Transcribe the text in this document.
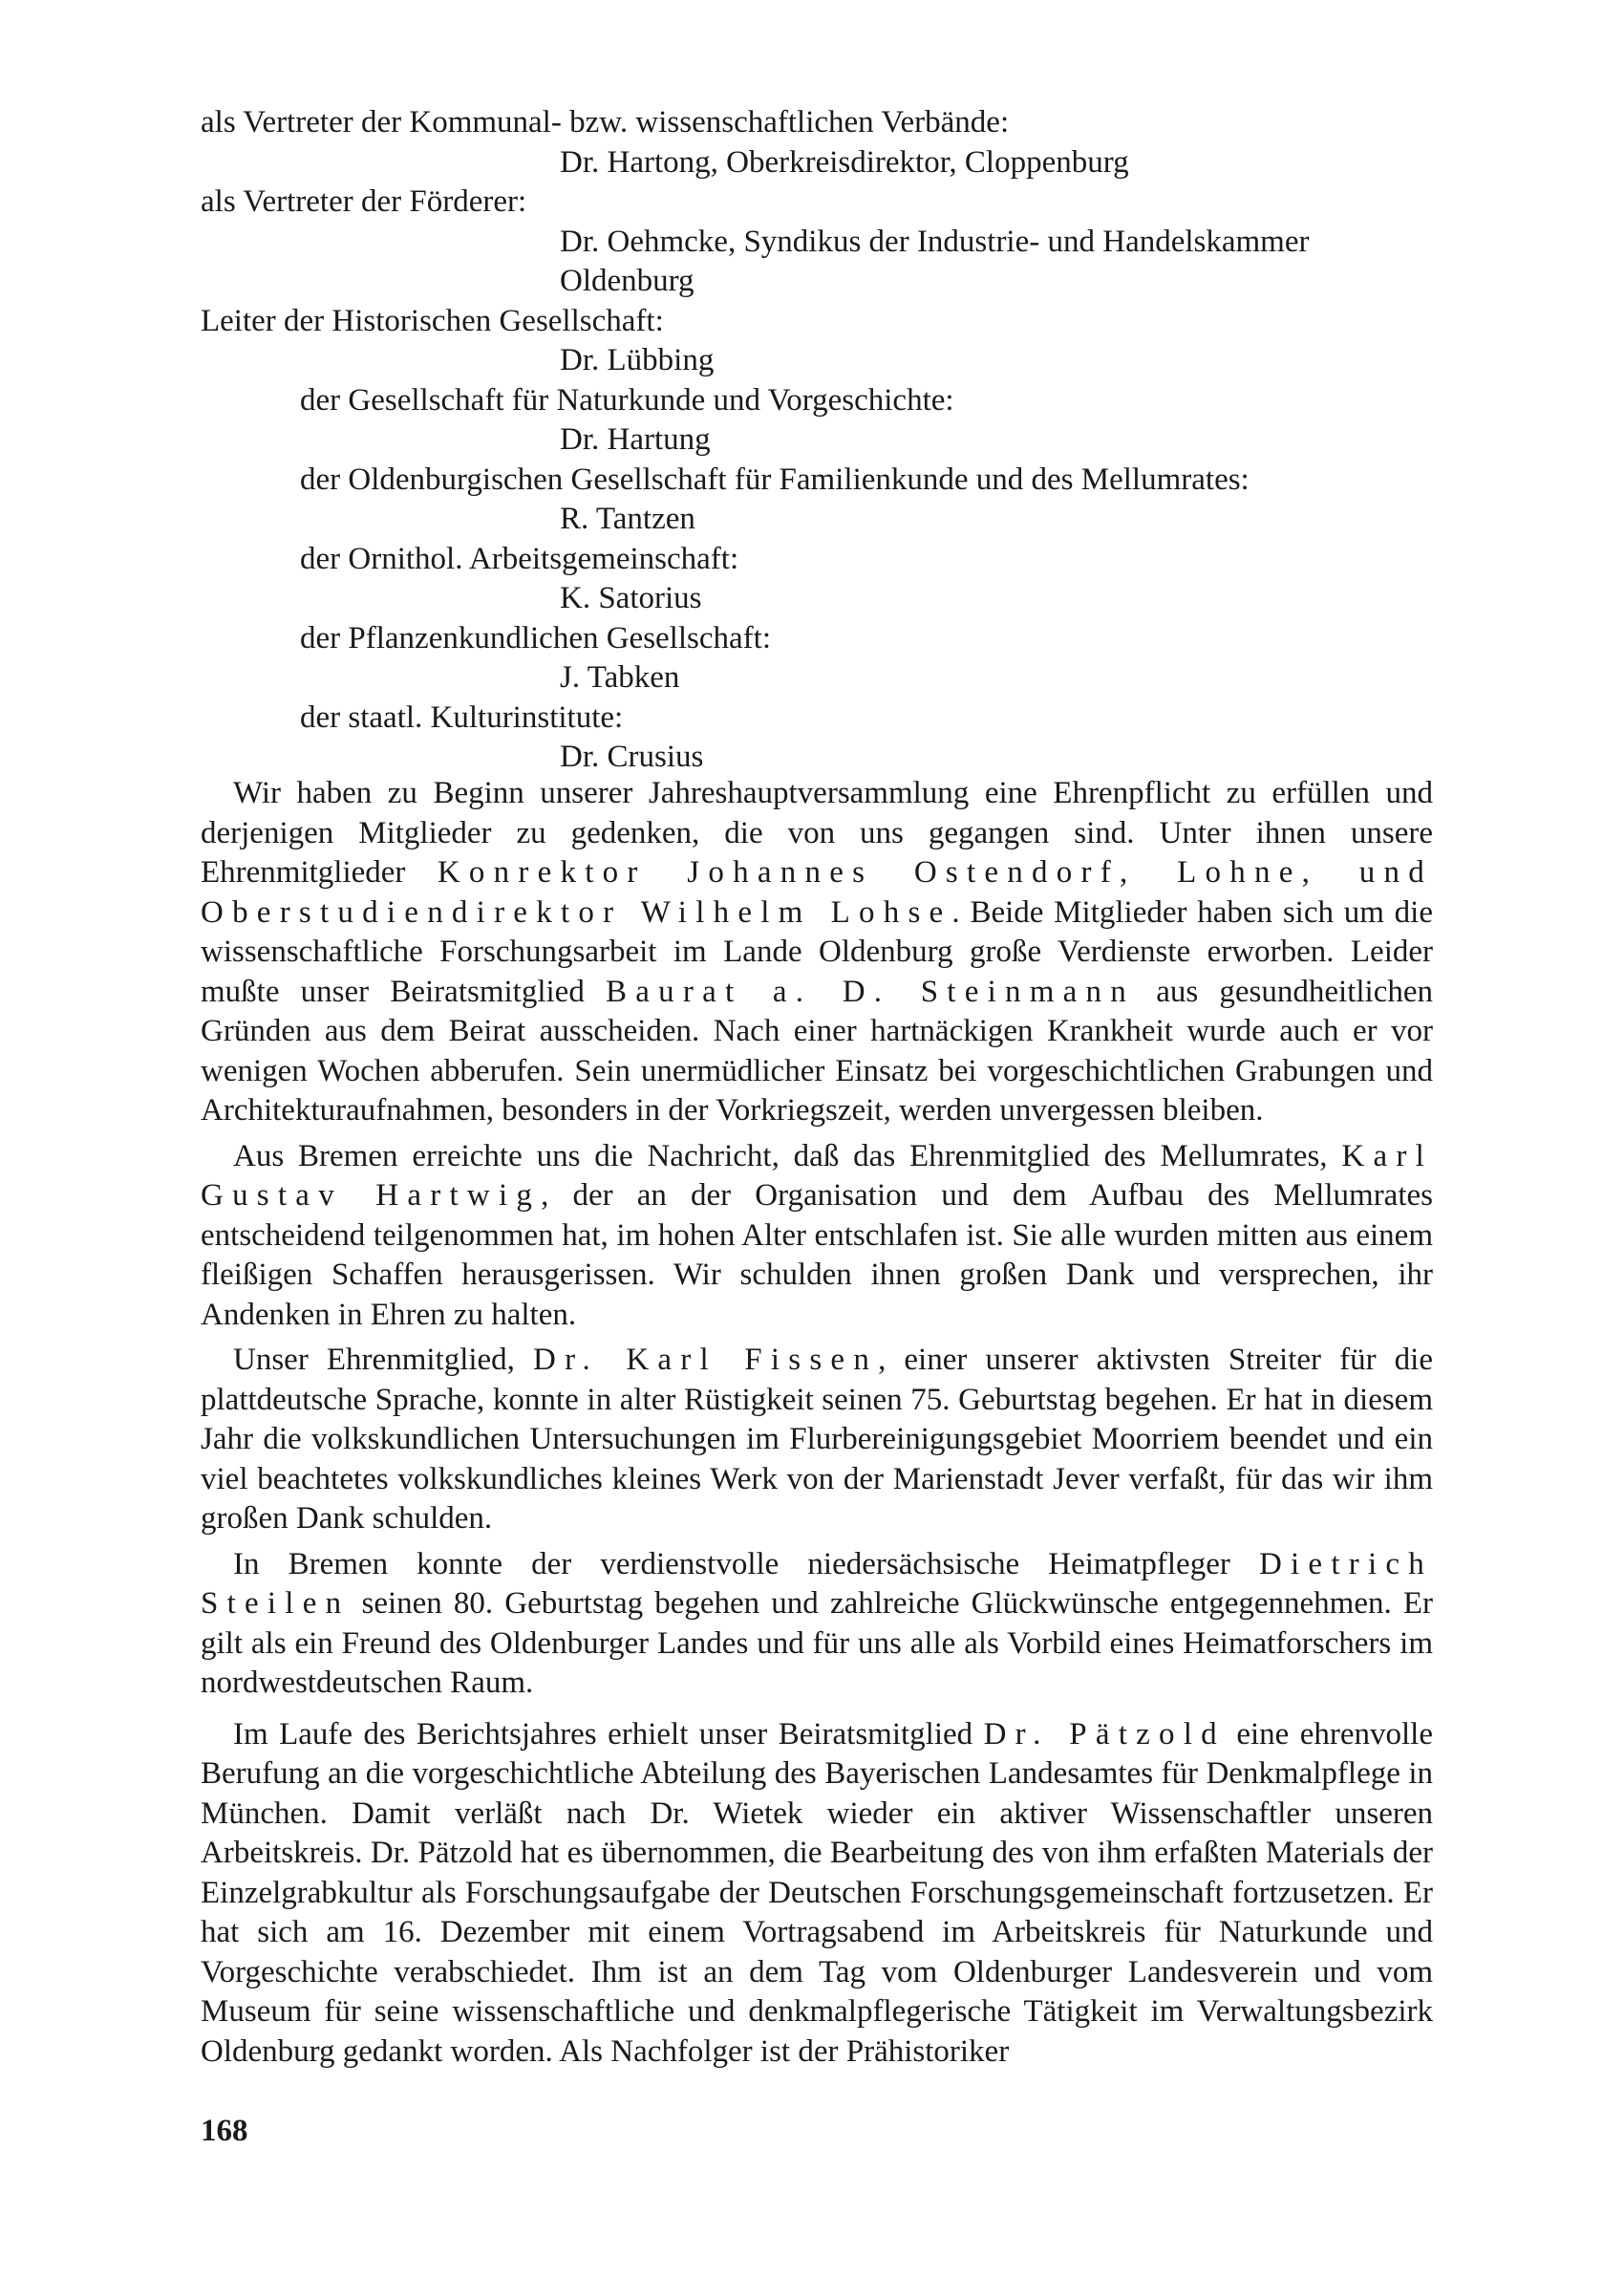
als Vertreter der Kommunal- bzw. wissenschaftlichen Verbände:
Dr. Hartong, Oberkreisdirektor, Cloppenburg
als Vertreter der Förderer:
Dr. Oehmcke, Syndikus der Industrie- und Handelskammer
Oldenburg
Leiter der Historischen Gesellschaft:
Dr. Lübbing
der Gesellschaft für Naturkunde und Vorgeschichte:
Dr. Hartung
der Oldenburgischen Gesellschaft für Familienkunde und des Mellumrates:
R. Tantzen
der Ornithol. Arbeitsgemeinschaft:
K. Satorius
der Pflanzenkundlichen Gesellschaft:
J. Tabken
der staatl. Kulturinstitute:
Dr. Crusius

Wir haben zu Beginn unserer Jahreshauptversammlung eine Ehrenpflicht zu erfüllen und derjenigen Mitglieder zu gedenken, die von uns gegangen sind. Unter ihnen unsere Ehrenmitglieder Konrektor Johannes Ostendorf, Lohne, und Oberstudiendirektor Wilhelm Lohse. Beide Mitglieder haben sich um die wissenschaftliche Forschungsarbeit im Lande Oldenburg große Verdienste erworben. Leider mußte unser Beiratsmitglied Baurat a. D. Steinmann aus gesundheitlichen Gründen aus dem Beirat ausscheiden. Nach einer hartnäckigen Krankheit wurde auch er vor wenigen Wochen abberufen. Sein unermüdlicher Einsatz bei vorgeschichtlichen Grabungen und Architekturaufnahmen, besonders in der Vorkriegszeit, werden unvergessen bleiben.

Aus Bremen erreichte uns die Nachricht, daß das Ehrenmitglied des Mellumrates, Karl Gustav Hartwig, der an der Organisation und dem Aufbau des Mellumrates entscheidend teilgenommen hat, im hohen Alter entschlafen ist. Sie alle wurden mitten aus einem fleißigen Schaffen herausgerissen. Wir schulden ihnen großen Dank und versprechen, ihr Andenken in Ehren zu halten.

Unser Ehrenmitglied, Dr. Karl Fissen, einer unserer aktivsten Streiter für die plattdeutsche Sprache, konnte in alter Rüstigkeit seinen 75. Geburtstag begehen. Er hat in diesem Jahr die volkskundlichen Untersuchungen im Flurbereinigungsgebiet Moorriem beendet und ein viel beachtetes volkskundliches kleines Werk von der Marienstadt Jever verfaßt, für das wir ihm großen Dank schulden.

In Bremen konnte der verdienstvolle niedersächsische Heimatpfleger Dietrich Steilen seinen 80. Geburtstag begehen und zahlreiche Glückwünsche entgegennehmen. Er gilt als ein Freund des Oldenburger Landes und für uns alle als Vorbild eines Heimatforschers im nordwestdeutschen Raum.

Im Laufe des Berichtsjahres erhielt unser Beiratsmitglied Dr. Pätzold eine ehrenvolle Berufung an die vorgeschichtliche Abteilung des Bayerischen Landesamtes für Denkmalpflege in München. Damit verläßt nach Dr. Wietek wieder ein aktiver Wissenschaftler unseren Arbeitskreis. Dr. Pätzold hat es übernommen, die Bearbeitung des von ihm erfaßten Materials der Einzelgrabkultur als Forschungsaufgabe der Deutschen Forschungsgemeinschaft fortzusetzen. Er hat sich am 16. Dezember mit einem Vortragsabend im Arbeitskreis für Naturkunde und Vorgeschichte verabschiedet. Ihm ist an dem Tag vom Oldenburger Landesverein und vom Museum für seine wissenschaftliche und denkmalpflegerische Tätigkeit im Verwaltungsbezirk Oldenburg gedankt worden. Als Nachfolger ist der Prähistoriker

168
